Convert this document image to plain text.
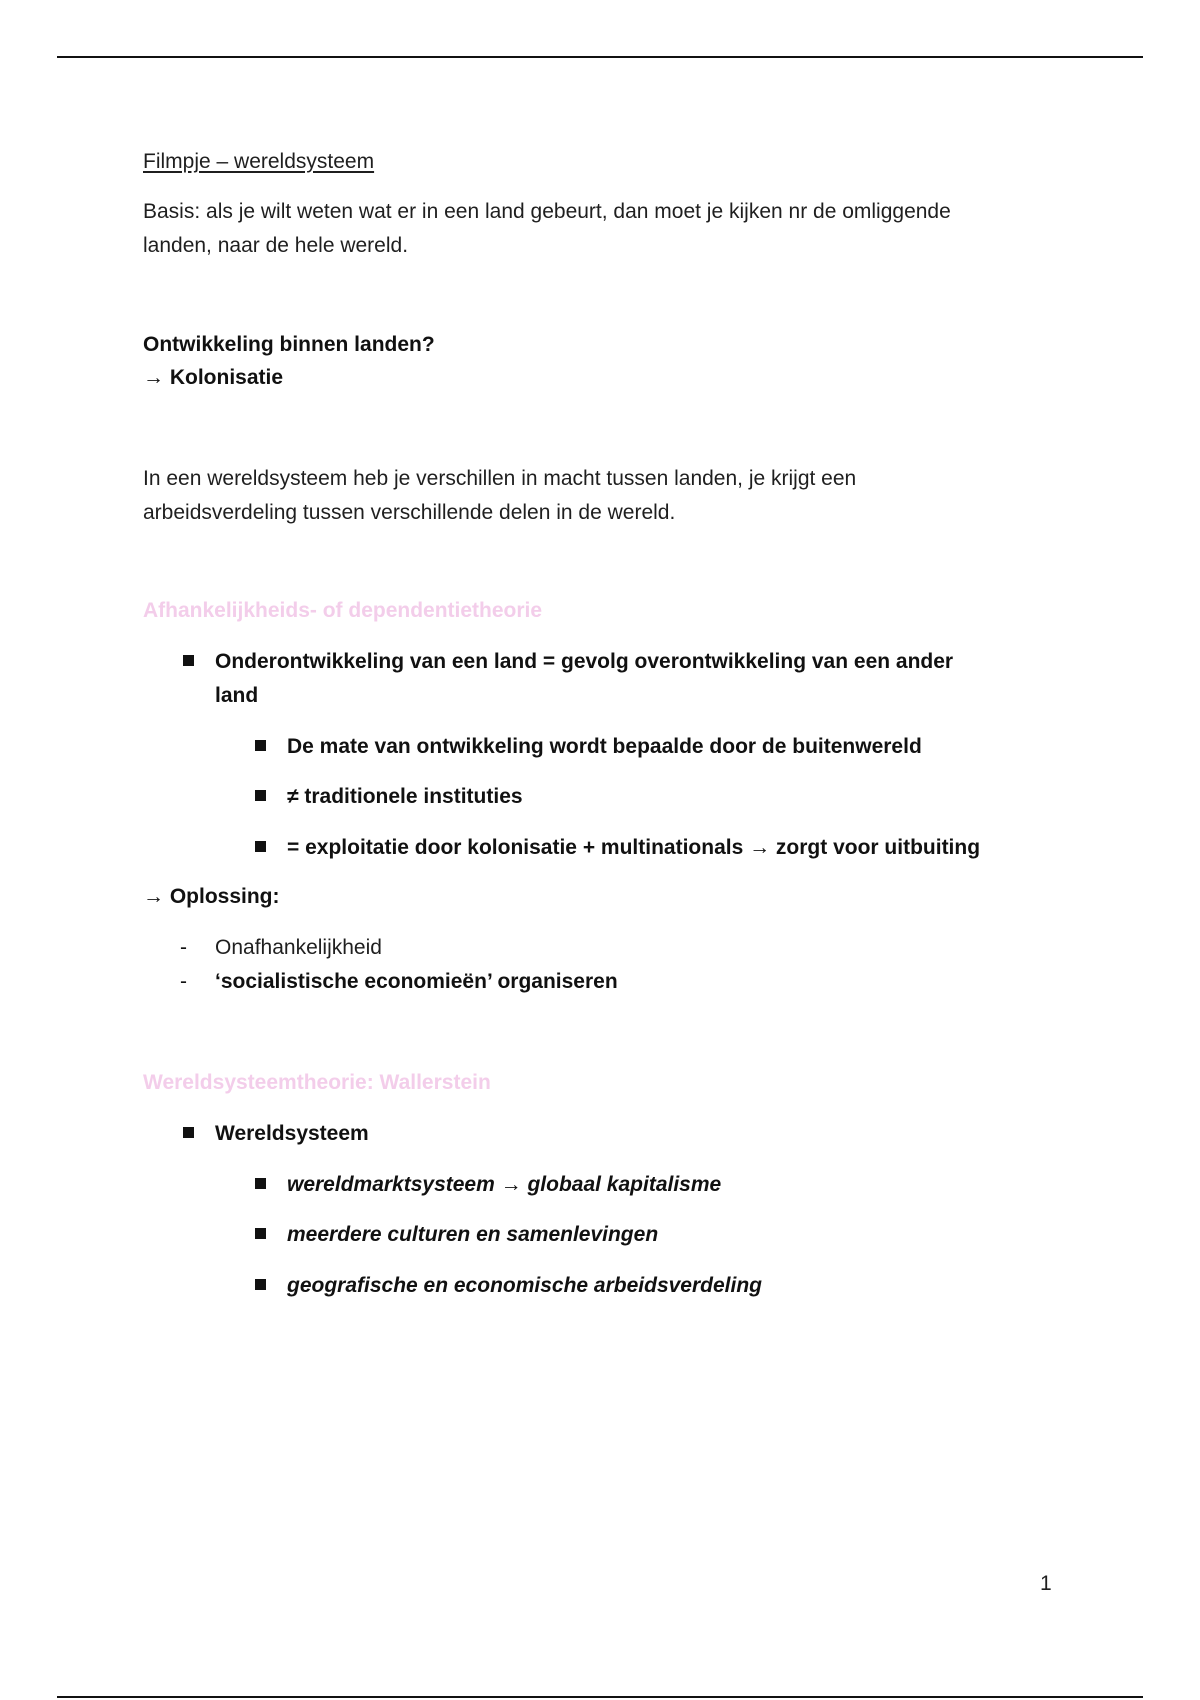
Filmpje – wereldsysteem

Basis: als je wilt weten wat er in een land gebeurt, dan moet je kijken nr de omliggende

landen, naar de hele wereld.

Ontwikkeling binnen landen?

→ Kolonisatie

In een wereldsysteem heb je verschillen in macht tussen landen, je krijgt een

arbeidsverdeling tussen verschillende delen in de wereld.

Afhankelijkheids- of dependentietheorie

Onderontwikkeling van een land = gevolg overontwikkeling van een ander

land

De mate van ontwikkeling wordt bepaalde door de buitenwereld

≠ traditionele instituties

= exploitatie door kolonisatie + multinationals → zorgt voor uitbuiting

→ Oplossing:

- Onafhankelijkheid

- ‘socialistische economieën’ organiseren

Wereldsysteemtheorie: Wallerstein

Wereldsysteem

wereldmarktsysteem → globaal kapitalisme

meerdere culturen en samenlevingen

geografische en economische arbeidsverdeling

1
